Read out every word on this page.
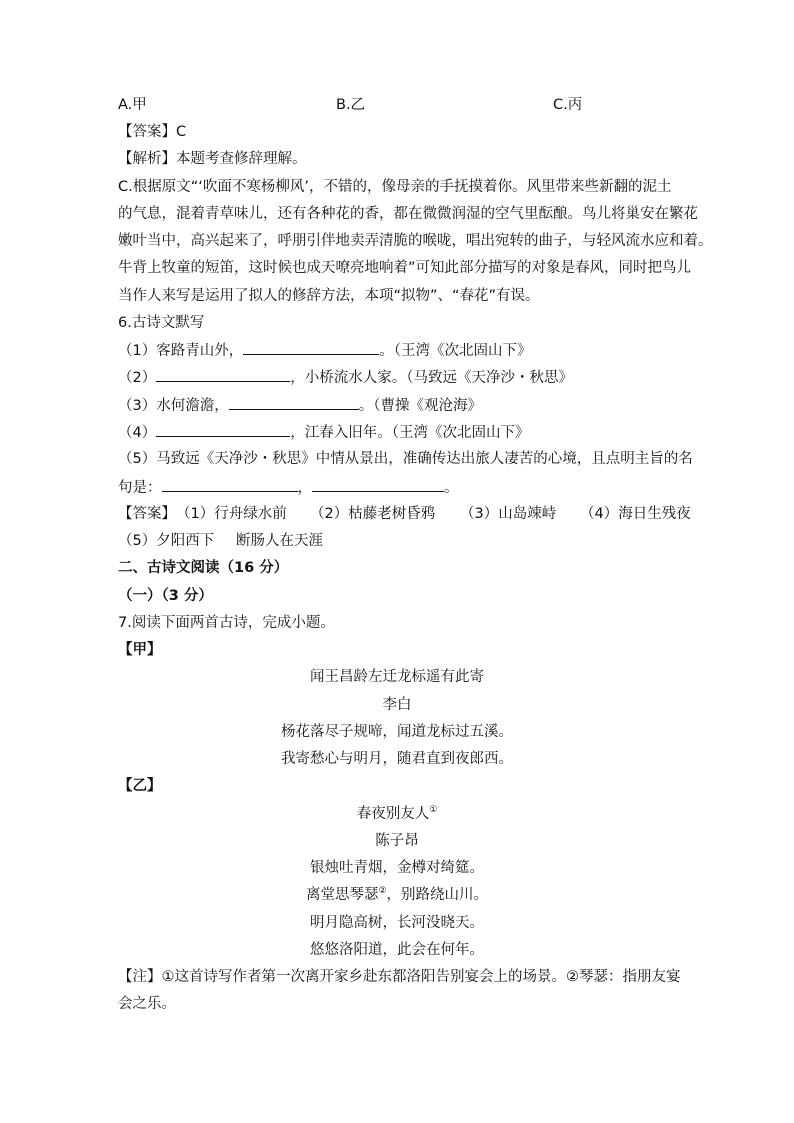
A.甲	B.乙	C.丙
【答案】C
【解析】本题考查修辞理解。
C.根据原文“‘吹面不寒杨柳风’，不错的，像母亲的手抚摸着你。风里带来些新翻的泥土
的气息，混着青草味儿，还有各种花的香，都在微微润湿的空气里酝酿。鸟儿将巢安在繁花
嫩叶当中，高兴起来了，呼朋引伴地卖弄清脆的喉咙，唱出宛转的曲子，与轻风流水应和着。
牛背上牧童的短笛，这时候也成天嘹亮地响着”可知此部分描写的对象是春风，同时把鸟儿
当作人来写是运用了拟人的修辞方法，本项“拟物”、“春花”有误。
6.古诗文默写
（1）客路青山外，	。（王湾《次北固山下》
（2）	，小桥流水人家。（马致远《天净沙・秋思》
（3）水何澹澹，	。（曹操《观沧海》
（4）	，江春入旧年。（王湾《次北固山下》
（5）马致远《天净沙・秋思》中情从景出，准确传达出旅人凄苦的心境，且点明主旨的名
句是：	，	。
【答案】（1）行舟绿水前 （2）枯藤老树昏鸦 （3）山岛竦峙 （4）海日生残夜
（5）夕阳西下 断肠人在天涯
二、古诗文阅读（16 分）
（一）（3 分）
7.阅读下面两首古诗，完成小题。
【甲】
闻王昌龄左迁龙标遥有此寄
李白
杨花落尽子规啼，闻道龙标过五溪。
我寄愁心与明月，随君直到夜郎西。
【乙】
春夜别友人①
陈子昂
银烛吐青烟，金樽对绮筵。
离堂思琴瑟②，别路绕山川。
明月隐高树，长河没晓天。
悠悠洛阳道，此会在何年。
【注】①这首诗写作者第一次离开家乡赴东都洛阳告别宴会上的场景。②琴瑟：指朋友宴
会之乐。
